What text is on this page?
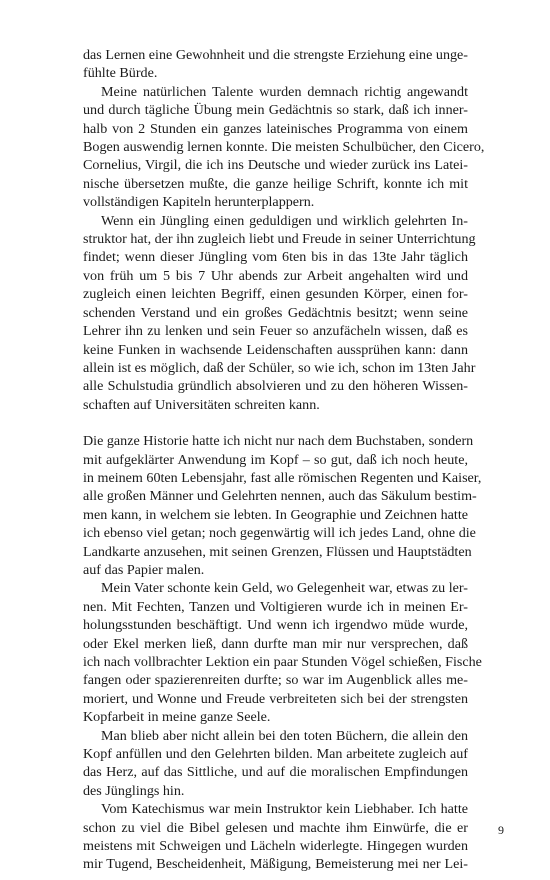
das Lernen eine Gewohnheit und die strengste Erziehung eine unge-
fühlte Bürde.

Meine natürlichen Talente wurden demnach richtig angewandt
und durch tägliche Übung mein Gedächtnis so stark, daß ich inner-
halb von 2 Stunden ein ganzes lateinisches Programma von einem
Bogen auswendig lernen konnte. Die meisten Schulbücher, den Cicero,
Cornelius, Virgil, die ich ins Deutsche und wieder zurück ins Latei-
nische übersetzen mußte, die ganze heilige Schrift, konnte ich mit
vollständigen Kapiteln herunterplappern.

Wenn ein Jüngling einen geduldigen und wirklich gelehrten In-
struktor hat, der ihn zugleich liebt und Freude in seiner Unterrichtung
findet; wenn dieser Jüngling vom 6ten bis in das 13te Jahr täglich
von früh um 5 bis 7 Uhr abends zur Arbeit angehalten wird und
zugleich einen leichten Begriff, einen gesunden Körper, einen for-
schenden Verstand und ein großes Gedächtnis besitzt; wenn seine
Lehrer ihn zu lenken und sein Feuer so anzufächeln wissen, daß es
keine Funken in wachsende Leidenschaften aussprühen kann: dann
allein ist es möglich, daß der Schüler, so wie ich, schon im 13ten Jahr
alle Schulstudia gründlich absolvieren und zu den höheren Wissen-
schaften auf Universitäten schreiten kann.

Die ganze Historie hatte ich nicht nur nach dem Buchstaben, sondern
mit aufgeklärter Anwendung im Kopf – so gut, daß ich noch heute,
in meinem 60ten Lebensjahr, fast alle römischen Regenten und Kaiser,
alle großen Männer und Gelehrten nennen, auch das Säkulum bestim-
men kann, in welchem sie lebten. In Geographie und Zeichnen hatte
ich ebenso viel getan; noch gegenwärtig will ich jedes Land, ohne die
Landkarte anzusehen, mit seinen Grenzen, Flüssen und Hauptstädten
auf das Papier malen.

Mein Vater schonte kein Geld, wo Gelegenheit war, etwas zu ler-
nen. Mit Fechten, Tanzen und Voltigieren wurde ich in meinen Er-
holungsstunden beschäftigt. Und wenn ich irgendwo müde wurde,
oder Ekel merken ließ, dann durfte man mir nur versprechen, daß
ich nach vollbrachter Lektion ein paar Stunden Vögel schießen, Fische
fangen oder spazierenreiten durfte; so war im Augenblick alles me-
moriert, und Wonne und Freude verbreiteten sich bei der strengsten
Kopfarbeit in meine ganze Seele.

Man blieb aber nicht allein bei den toten Büchern, die allein den
Kopf anfüllen und den Gelehrten bilden. Man arbeitete zugleich auf
das Herz, auf das Sittliche, und auf die moralischen Empfindungen
des Jünglings hin.

Vom Katechismus war mein Instruktor kein Liebhaber. Ich hatte
schon zu viel die Bibel gelesen und machte ihm Einwürfe, die er
meistens mit Schweigen und Lächeln widerlegte. Hingegen wurden
mir Tugend, Bescheidenheit, Mäßigung, Bemeisterung mei ner Lei-

9
